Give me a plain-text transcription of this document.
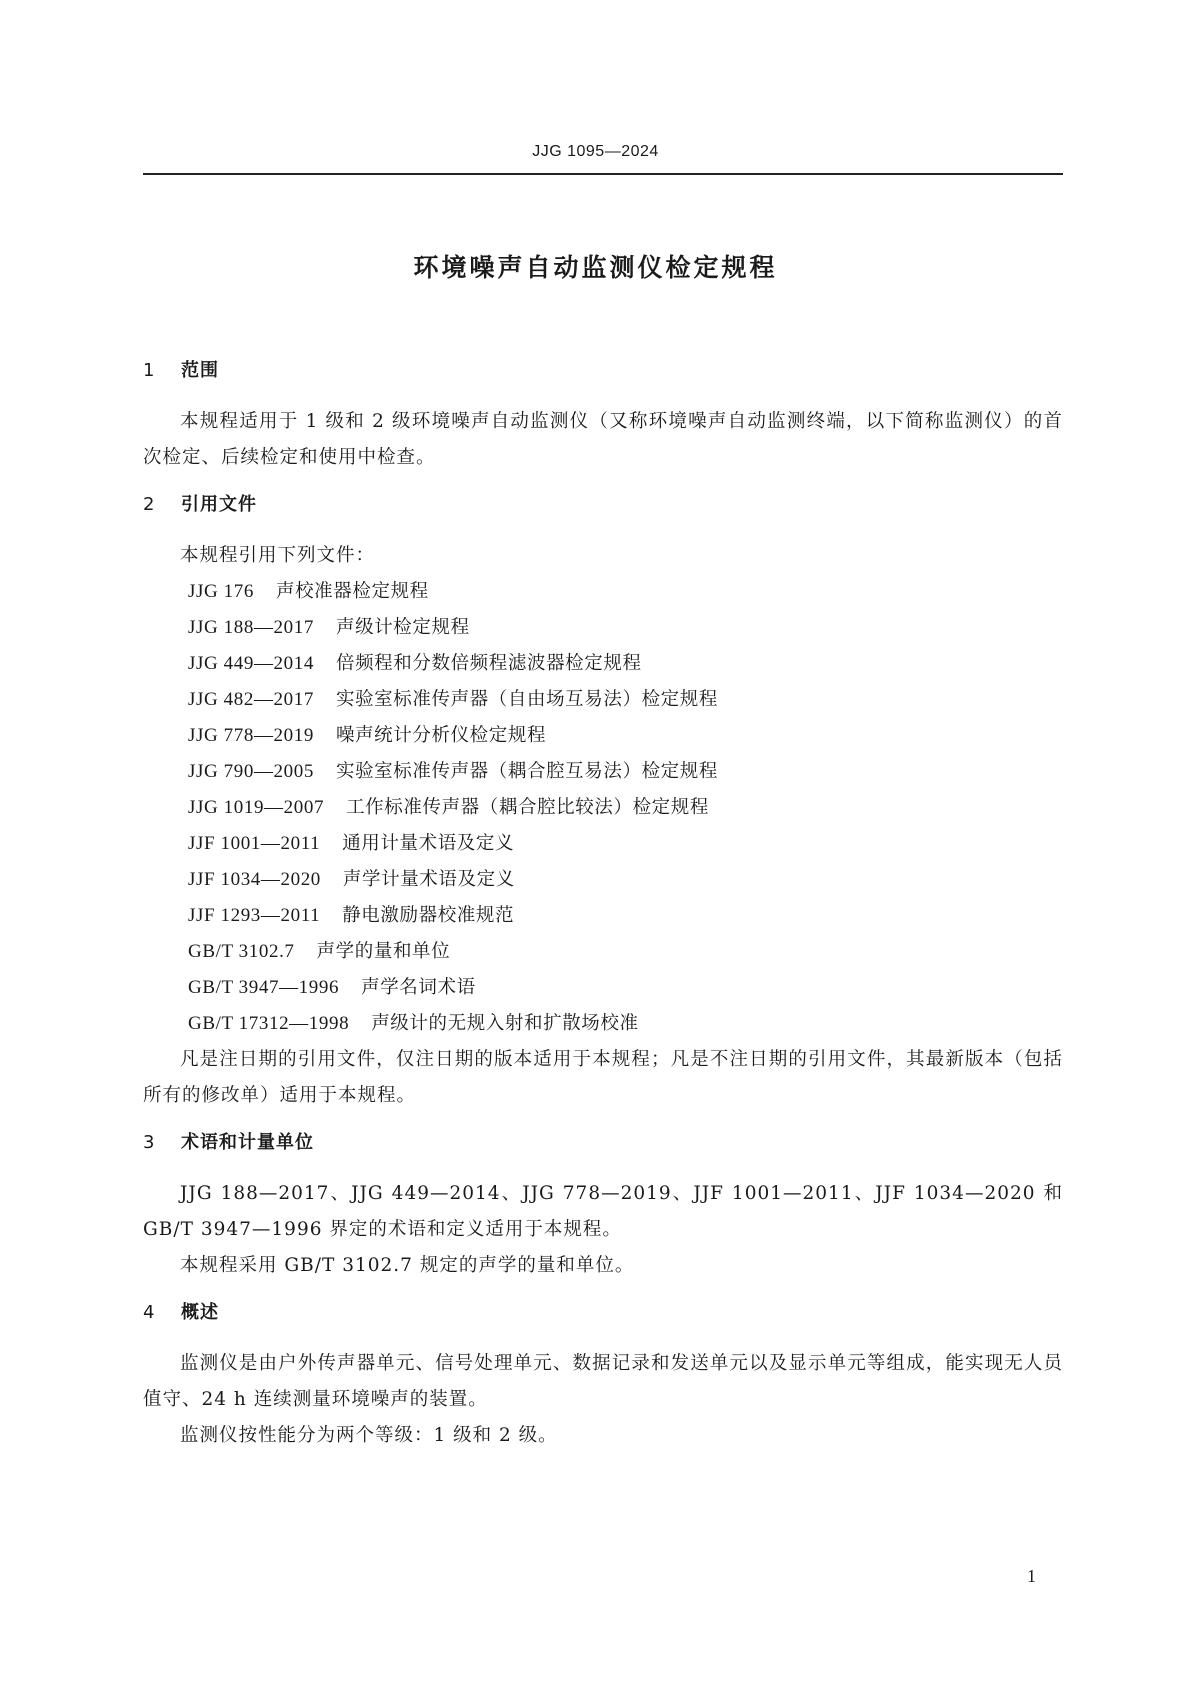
JJG 1095—2024
环境噪声自动监测仪检定规程
1 范围
本规程适用于 1 级和 2 级环境噪声自动监测仪（又称环境噪声自动监测终端，以下简称监测仪）的首次检定、后续检定和使用中检查。
2 引用文件
本规程引用下列文件：
JJG 176 声校准器检定规程
JJG 188—2017 声级计检定规程
JJG 449—2014 倍频程和分数倍频程滤波器检定规程
JJG 482—2017 实验室标准传声器（自由场互易法）检定规程
JJG 778—2019 噪声统计分析仪检定规程
JJG 790—2005 实验室标准传声器（耦合腔互易法）检定规程
JJG 1019—2007 工作标准传声器（耦合腔比较法）检定规程
JJF 1001—2011 通用计量术语及定义
JJF 1034—2020 声学计量术语及定义
JJF 1293—2011 静电激励器校准规范
GB/T 3102.7 声学的量和单位
GB/T 3947—1996 声学名词术语
GB/T 17312—1998 声级计的无规入射和扩散场校准
凡是注日期的引用文件，仅注日期的版本适用于本规程；凡是不注日期的引用文件，其最新版本（包括所有的修改单）适用于本规程。
3 术语和计量单位
JJG 188—2017、JJG 449—2014、JJG 778—2019、JJF 1001—2011、JJF 1034—2020 和 GB/T 3947—1996 界定的术语和定义适用于本规程。
本规程采用 GB/T 3102.7 规定的声学的量和单位。
4 概述
监测仪是由户外传声器单元、信号处理单元、数据记录和发送单元以及显示单元等组成，能实现无人员值守、24 h 连续测量环境噪声的装置。
监测仪按性能分为两个等级：1 级和 2 级。
1
